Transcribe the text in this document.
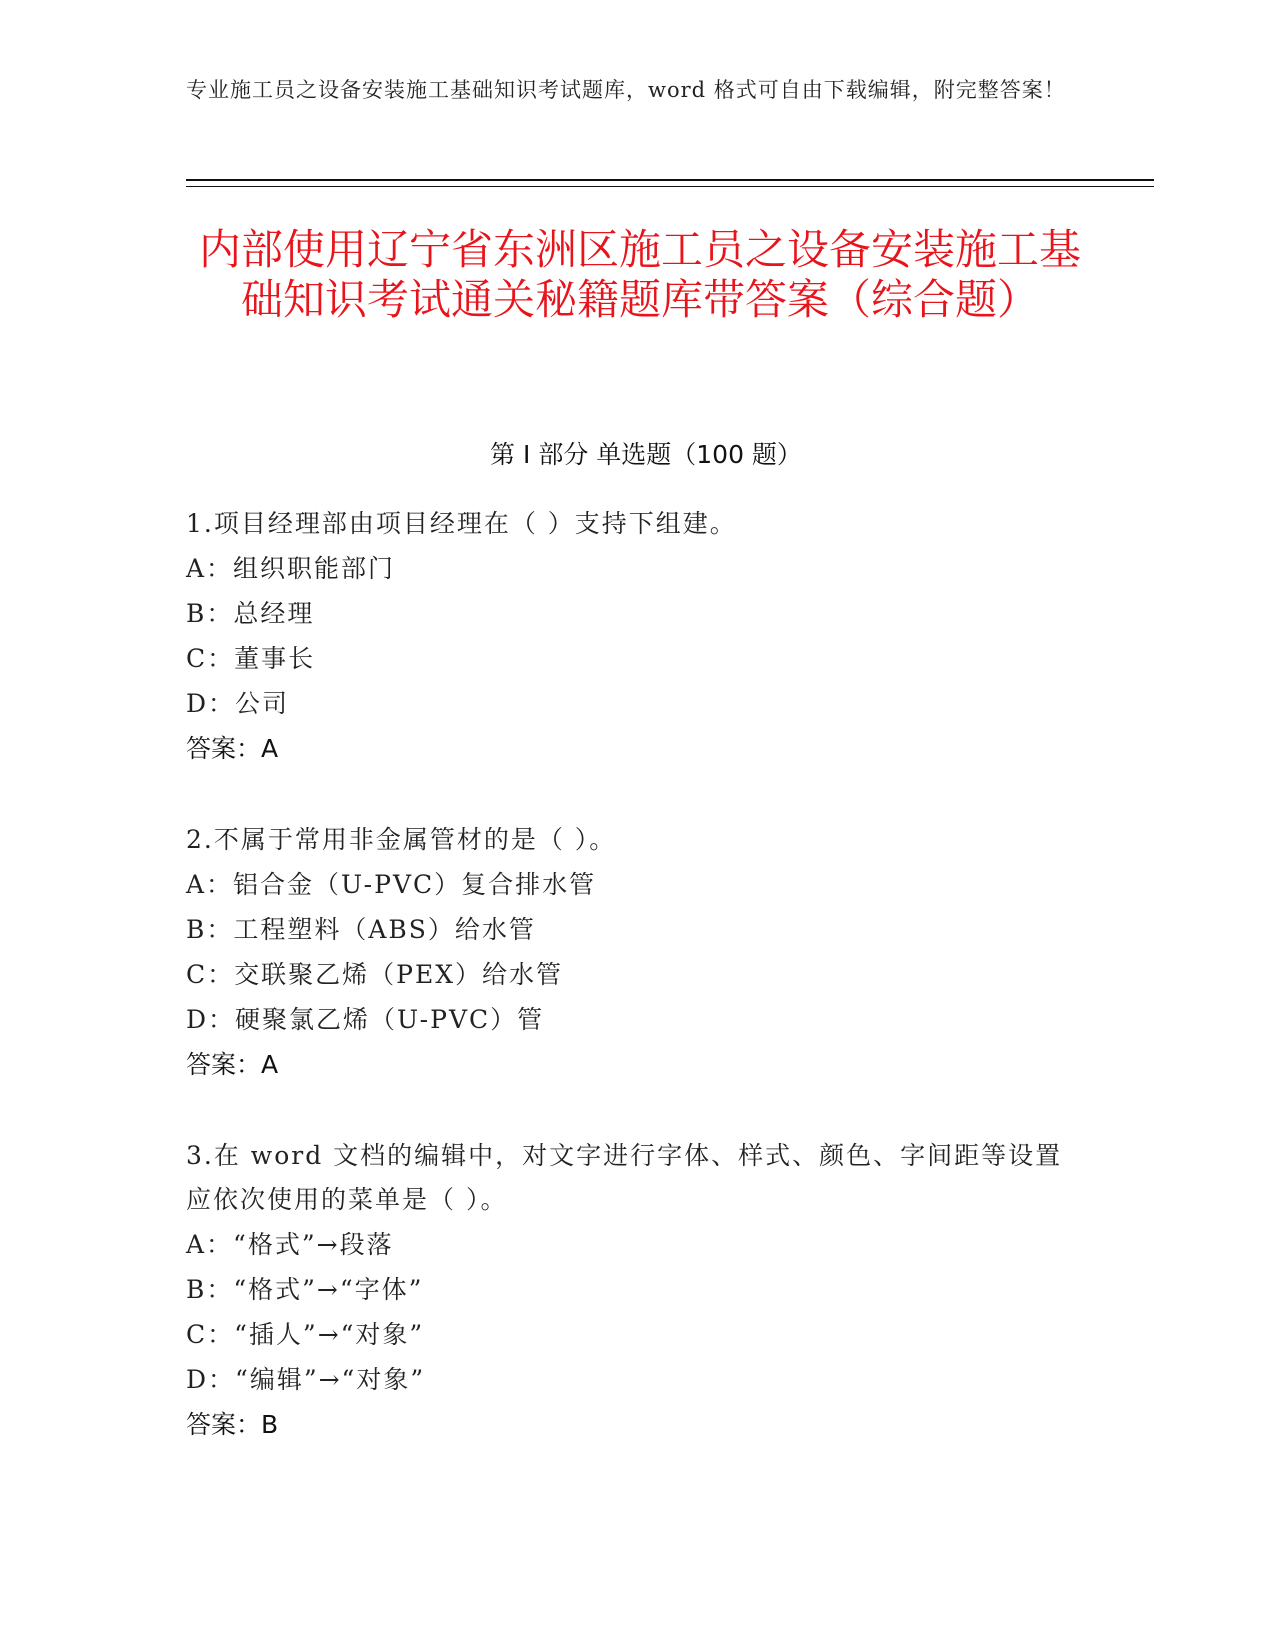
专业施工员之设备安装施工基础知识考试题库，word 格式可自由下载编辑，附完整答案！
内部使用辽宁省东洲区施工员之设备安装施工基础知识考试通关秘籍题库带答案（综合题）
第 I 部分 单选题（100 题）
1.项目经理部由项目经理在（ ）支持下组建。
A：组织职能部门
B：总经理
C：董事长
D：公司
答案：A
2.不属于常用非金属管材的是（ ）。
A：铝合金（U-PVC）复合排水管
B：工程塑料（ABS）给水管
C：交联聚乙烯（PEX）给水管
D：硬聚氯乙烯（U-PVC）管
答案：A
3.在 word 文档的编辑中，对文字进行字体、样式、颜色、字间距等设置应依次使用的菜单是（ ）。
A：“格式”→段落
B：“格式”→“字体”
C：“插人”→“对象”
D：“编辑”→“对象”
答案：B
